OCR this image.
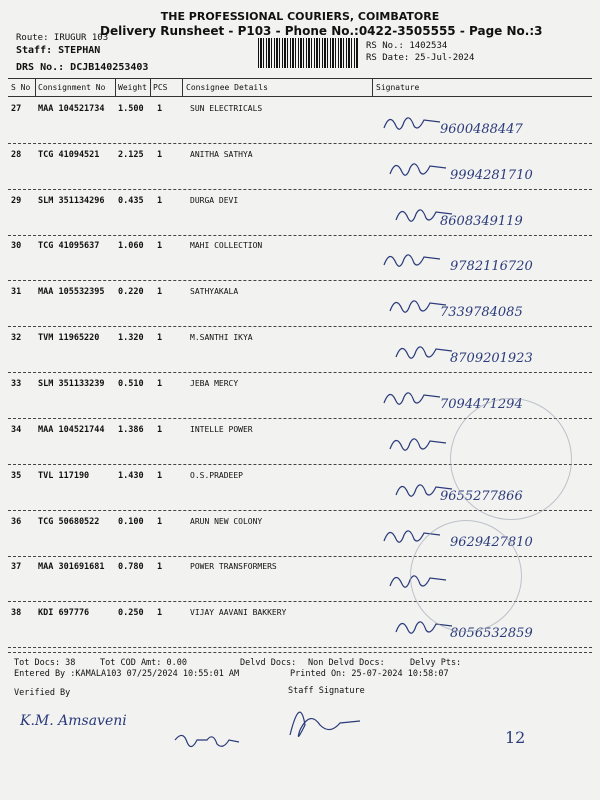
THE PROFESSIONAL COURIERS, COIMBATORE
Delivery Runsheet - P103 - Phone No.:0422-3505555 - Page No.:3
Route: IRUGUR 103
Staff: STEPHAN
DRS No.: DCJB140253403
RS No.: 1402534
RS Date: 25-Jul-2024
S No Consignment No Weight PCS Consignee Details	Signature
27 MAA 104521734 1.500 1	SUN ELECTRICALS
9600488447
28 TCG 41094521 2.125 1	ANITHA SATHYA
9994281710
29 SLM 351134296 0.435 1	DURGA DEVI
8608349119
30 TCG 41095637 1.060 1	MAHI COLLECTION
9782116720
31 MAA 105532395 0.220 1	SATHYAKALA
7339784085
32 TVM 11965220 1.320 1	M.SANTHI IKYA
8709201923
33 SLM 351133239 0.510 1	JEBA MERCY
7094471294
34 MAA 104521744 1.386 1	INTELLE POWER
35 TVL 117190	1.430 1	O.S.PRADEEP
9655277866
36 TCG 50680522 0.100 1	ARUN NEW COLONY
9629427810
37 MAA 301691681 0.780 1	POWER TRANSFORMERS
38 KDI 697776	0.250 1	VIJAY AAVANI BAKKERY
8056532859
Tot Docs: 38	Tot COD Amt: 0.00	Delvd Docs: Non Delvd Docs:	Delvy Pts:
Entered By :KAMALA103 07/25/2024 10:55:01 AM	Printed On: 25-07-2024 10:58:07
Verified By	Staff Signature
K.M. Amsaveni
12
